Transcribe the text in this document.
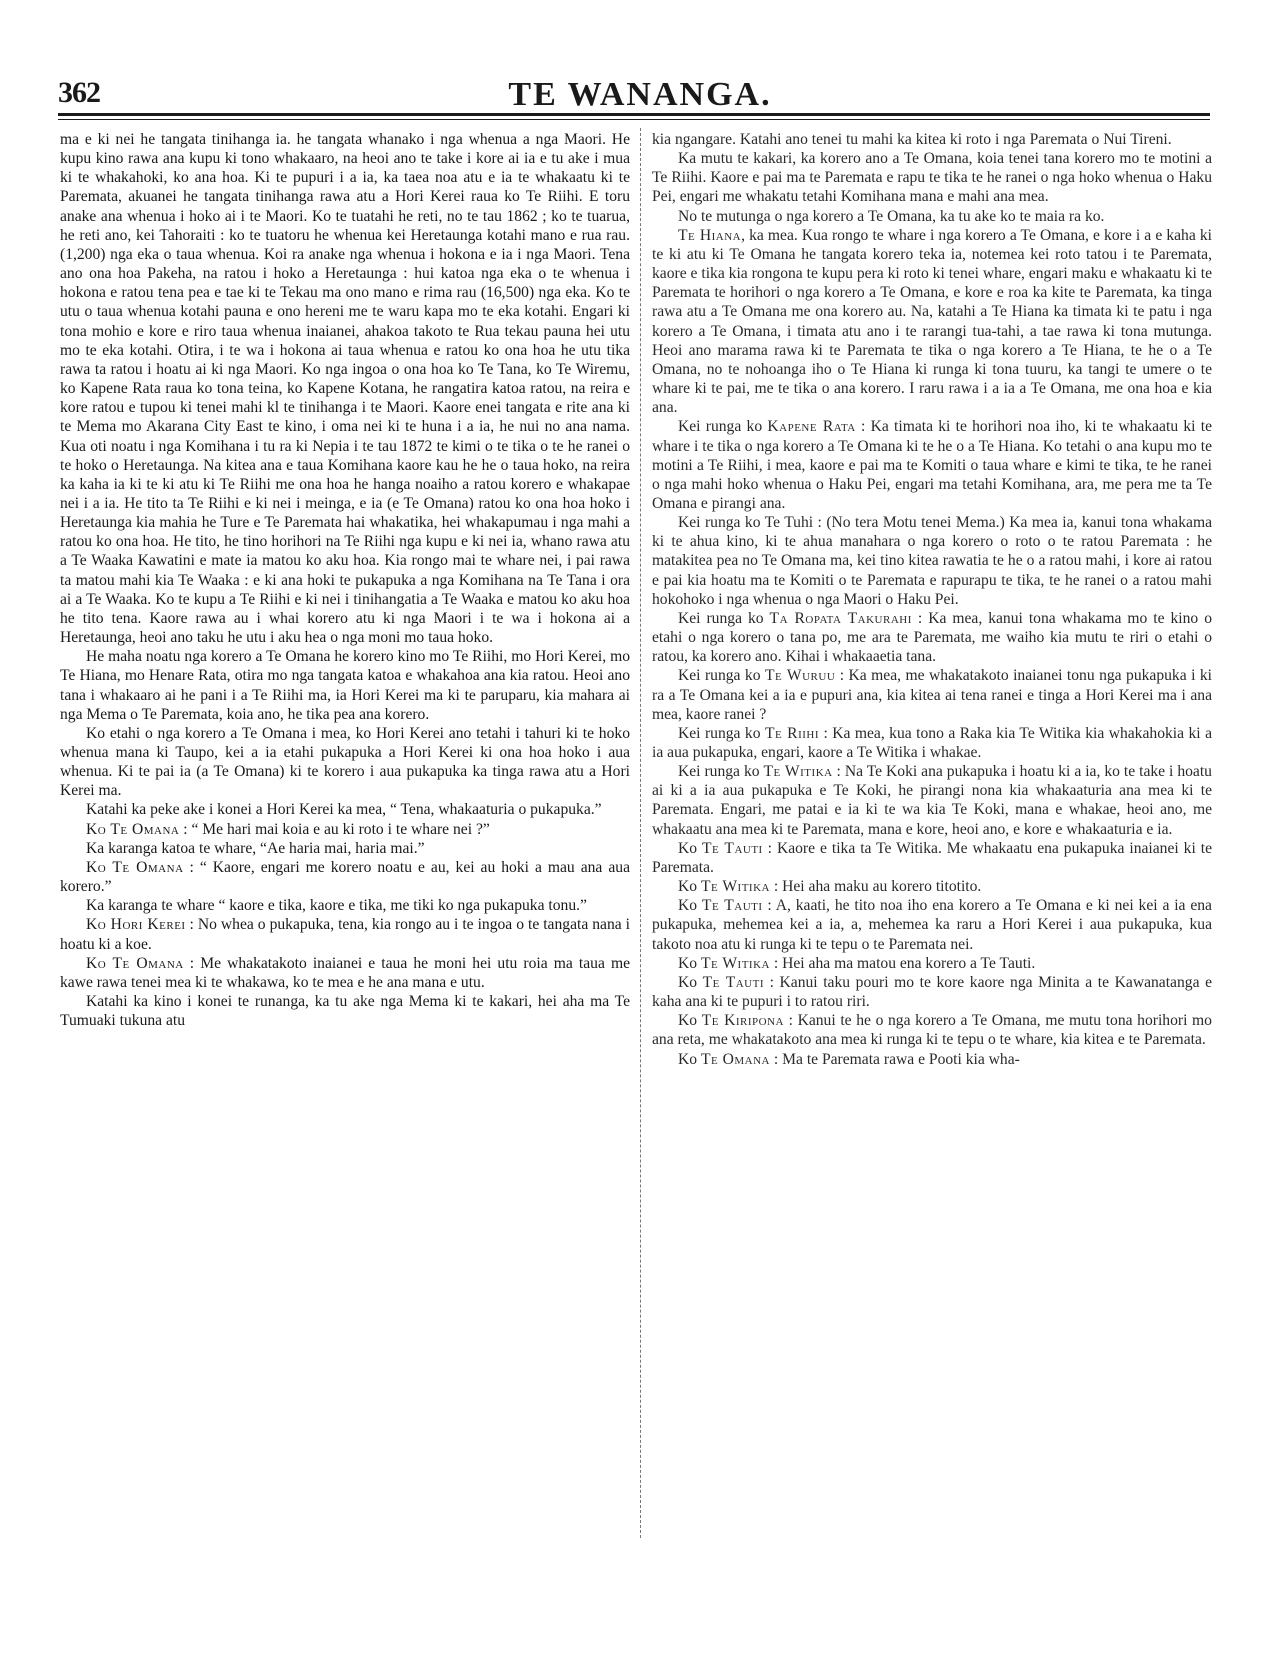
362	TE WANANGA.

ma e ki nei he tangata tinihanga ia. he tangata whanako i nga whenua a nga Maori. He kupu kino rawa ana kupu ki tono whakaaro, na heoi ano te take i kore ai ia e tu ake i mua ki te whakahoki, ko ana hoa. Ki te pupuri i a ia, ka taea noa atu e ia te whakaatu ki te Paremata, akuanei he tangata tinihanga rawa atu a Hori Kerei raua ko Te Riihi. E toru anake ana whenua i hoko ai i te Maori. Ko te tuatahi he reti, no te tau 1862 ; ko te tuarua, he reti ano, kei Tahoraiti : ko te tuatoru he whenua kei Heretaunga kotahi mano e rua rau. (1,200) nga eka o taua whenua. Koi ra anake nga whenua i hokona e ia i nga Maori. Tena ano ona hoa Pakeha, na ratou i hoko a Heretaunga : hui katoa nga eka o te whenua i hokona e ratou tena pea e tae ki te Tekau ma ono mano e rima rau (16,500) nga eka. Ko te utu o taua whenua kotahi pauna e ono hereni me te waru kapa mo te eka kotahi. Engari ki tona mohio e kore e riro taua whenua inaianei, ahakoa takoto te Rua tekau pauna hei utu mo te eka kotahi. Otira, i te wa i hokona ai taua whenua e ratou ko ona hoa he utu tika rawa ta ratou i hoatu ai ki nga Maori. Ko nga ingoa o ona hoa ko Te Tana, ko Te Wiremu, ko Kapene Rata raua ko tona teina, ko Kapene Kotana, he rangatira katoa ratou, na reira e kore ratou e tupou ki tenei mahi kl te tinihanga i te Maori. Kaore enei tangata e rite ana ki te Mema mo Akarana City East te kino, i oma nei ki te huna i a ia, he nui no ana nama. Kua oti noatu i nga Komihana i tu ra ki Nepia i te tau 1872 te kimi o te tika o te he ranei o te hoko o Heretaunga. Na kitea ana e taua Komihana kaore kau he he o taua hoko, na reira ka kaha ia ki te ki atu ki Te Riihi me ona hoa he hanga noaiho a ratou korero e whakapae nei i a ia. He tito ta Te Riihi e ki nei i meinga, e ia (e Te Omana) ratou ko ona hoa hoko i Heretaunga kia mahia he Ture e Te Paremata hai whakatika, hei whakapumau i nga mahi a ratou ko ona hoa. He tito, he tino horihori na Te Riihi nga kupu e ki nei ia, whano rawa atu a Te Waaka Kawatini e mate ia matou ko aku hoa. Kia rongo mai te whare nei, i pai rawa ta matou mahi kia Te Waaka : e ki ana hoki te pukapuka a nga Komihana na Te Tana i ora ai a Te Waaka. Ko te kupu a Te Riihi e ki nei i tinihangatia a Te Waaka e matou ko aku hoa he tito tena. Kaore rawa au i whai korero atu ki nga Maori i te wa i hokona ai a Heretaunga, heoi ano taku he utu i aku hea o nga moni mo taua hoko.

He maha noatu nga korero a Te Omana he korero kino mo Te Riihi, mo Hori Kerei, mo Te Hiana, mo Henare Rata, otira mo nga tangata katoa e whakahoa ana kia ratou. Heoi ano tana i whakaaro ai he pani i a Te Riihi ma, ia Hori Kerei ma ki te paruparu, kia mahara ai nga Mema o Te Paremata, koia ano, he tika pea ana korero.

Ko etahi o nga korero a Te Omana i mea, ko Hori Kerei ano tetahi i tahuri ki te hoko whenua mana ki Taupo, kei a ia etahi pukapuka a Hori Kerei ki ona hoa hoko i aua whenua. Ki te pai ia (a Te Omana) ki te korero i aua pukapuka ka tinga rawa atu a Hori Kerei ma.

Katahi ka peke ake i konei a Hori Kerei ka mea, “ Tena, whakaaturia o pukapuka.”

Ko Te Omana : “ Me hari mai koia e au ki roto i te whare nei ?”

Ka karanga katoa te whare, “Ae haria mai, haria mai.”

Ko Te Omana : “ Kaore, engari me korero noatu e au, kei au hoki a mau ana aua korero.”

Ka karanga te whare “ kaore e tika, kaore e tika, me tiki ko nga pukapuka tonu.”

Ko Hori Kerei : No whea o pukapuka, tena, kia rongo au i te ingoa o te tangata nana i hoatu ki a koe.

Ko Te Omana : Me whakatakoto inaianei e taua he moni hei utu roia ma taua me kawe rawa tenei mea ki te whakawa, ko te mea e he ana mana e utu.

Katahi ka kino i konei te runanga, ka tu ake nga Mema ki te kakari, hei aha ma Te Tumuaki tukuna atu

kia ngangare. Katahi ano tenei tu mahi ka kitea ki roto i nga Paremata o Nui Tireni.

Ka mutu te kakari, ka korero ano a Te Omana, koia tenei tana korero mo te motini a Te Riihi. Kaore e pai ma te Paremata e rapu te tika te he ranei o nga hoko whenua o Haku Pei, engari me whakatu tetahi Komihana mana e mahi ana mea.

No te mutunga o nga korero a Te Omana, ka tu ake ko te maia ra ko.

Te Hiana, ka mea. Kua rongo te whare i nga korero a Te Omana, e kore i a e kaha ki te ki atu ki Te Omana he tangata korero teka ia, notemea kei roto tatou i te Paremata, kaore e tika kia rongona te kupu pera ki roto ki tenei whare, engari maku e whakaatu ki te Paremata te horihori o nga korero a Te Omana, e kore e roa ka kite te Paremata, ka tinga rawa atu a Te Omana me ona korero au. Na, katahi a Te Hiana ka timata ki te patu i nga korero a Te Omana, i timata atu ano i te rarangi tua-tahi, a tae rawa ki tona mutunga. Heoi ano marama rawa ki te Paremata te tika o nga korero a Te Hiana, te he o a Te Omana, no te nohoanga iho o Te Hiana ki runga ki tona tuuru, ka tangi te umere o te whare ki te pai, me te tika o ana korero. I raru rawa i a ia a Te Omana, me ona hoa e kia ana.

Kei runga ko Kapene Rata : Ka timata ki te horihori noa iho, ki te whakaatu ki te whare i te tika o nga korero a Te Omana ki te he o a Te Hiana. Ko tetahi o ana kupu mo te motini a Te Riihi, i mea, kaore e pai ma te Komiti o taua whare e kimi te tika, te he ranei o nga mahi hoko whenua o Haku Pei, engari ma tetahi Komihana, ara, me pera me ta Te Omana e pirangi ana.

Kei runga ko Te Tuhi : (No tera Motu tenei Mema.) Ka mea ia, kanui tona whakama ki te ahua kino, ki te ahua manahara o nga korero o roto o te ratou Paremata : he matakitea pea no Te Omana ma, kei tino kitea rawatia te he o a ratou mahi, i kore ai ratou e pai kia hoatu ma te Komiti o te Paremata e rapurapu te tika, te he ranei o a ratou mahi hokohoko i nga whenua o nga Maori o Haku Pei.

Kei runga ko Ta Ropata Takurahi : Ka mea, kanui tona whakama mo te kino o etahi o nga korero o tana po, me ara te Paremata, me waiho kia mutu te riri o etahi o ratou, ka korero ano. Kihai i whakaaetia tana.

Kei runga ko Te Wuruu : Ka mea, me whakatakoto inaianei tonu nga pukapuka i ki ra a Te Omana kei a ia e pupuri ana, kia kitea ai tena ranei e tinga a Hori Kerei ma i ana mea, kaore ranei ?

Kei runga ko Te Riihi : Ka mea, kua tono a Raka kia Te Witika kia whakahokia ki a ia aua pukapuka, engari, kaore a Te Witika i whakae.

Kei runga ko Te Witika : Na Te Koki ana pukapuka i hoatu ki a ia, ko te take i hoatu ai ki a ia aua pukapuka e Te Koki, he pirangi nona kia whakaaturia ana mea ki te Paremata. Engari, me patai e ia ki te wa kia Te Koki, mana e whakae, heoi ano, me whakaatu ana mea ki te Paremata, mana e kore, heoi ano, e kore e whakaaturia e ia.

Ko Te Tauti : Kaore e tika ta Te Witika. Me whakaatu ena pukapuka inaianei ki te Paremata.

Ko Te Witika : Hei aha maku au korero titotito.

Ko Te Tauti : A, kaati, he tito noa iho ena korero a Te Omana e ki nei kei a ia ena pukapuka, mehemea kei a ia, a, mehemea ka raru a Hori Kerei i aua pukapuka, kua takoto noa atu ki runga ki te tepu o te Paremata nei.

Ko Te Witika : Hei aha ma matou ena korero a Te Tauti.

Ko Te Tauti : Kanui taku pouri mo te kore kaore nga Minita a te Kawanatanga e kaha ana ki te pupuri i to ratou riri.

Ko Te Kiripona : Kanui te he o nga korero a Te Omana, me mutu tona horihori mo ana reta, me whakatakoto ana mea ki runga ki te tepu o te whare, kia kitea e te Paremata.

Ko Te Omana : Ma te Paremata rawa e Pooti kia wha-
